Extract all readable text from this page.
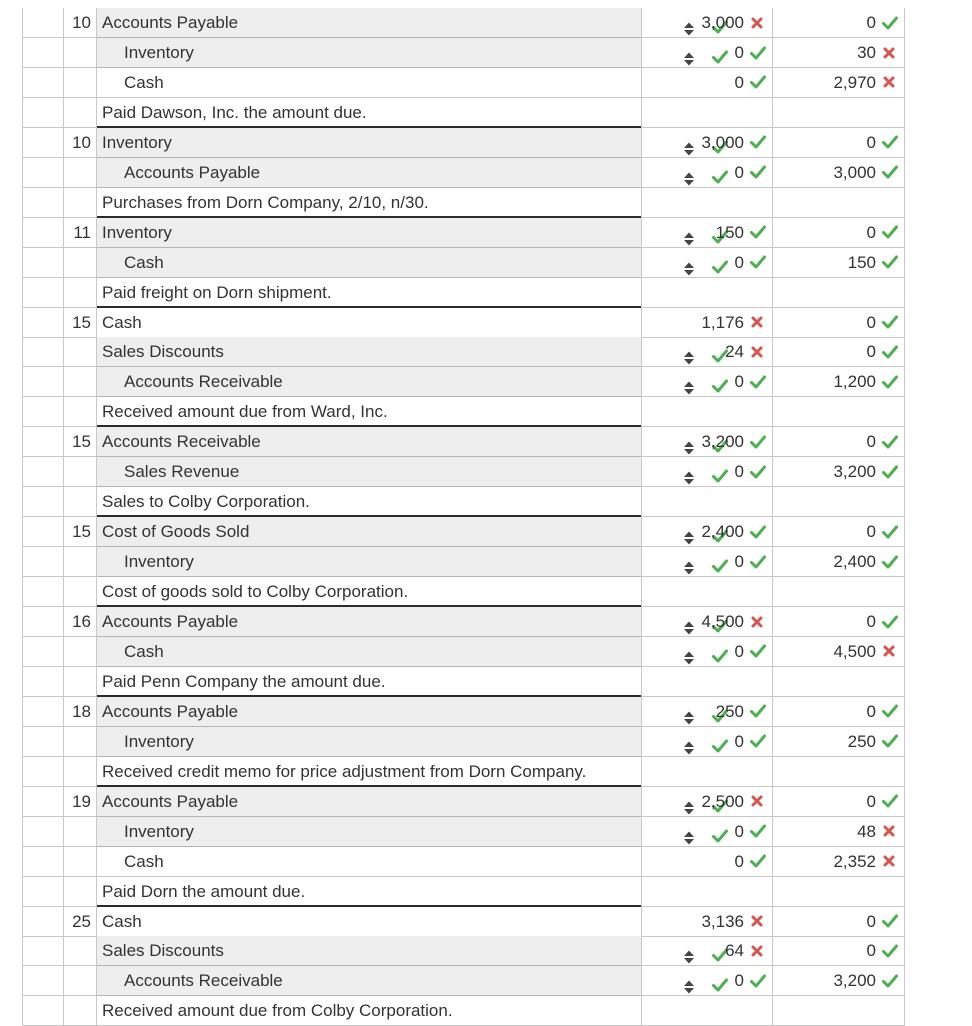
10 Accounts Payable	3,000	0
Inventory	0	30
Cash	0	2,970
Paid Dawson, Inc. the amount due.
10 Inventory	3,000	0
Accounts Payable	0	3,000
Purchases from Dorn Company, 2/10, n/30.
11 Inventory	150	0
Cash	0	150
Paid freight on Dorn shipment.
15 Cash	1,176	0
Sales Discounts	24	0
Accounts Receivable	0	1,200
Received amount due from Ward, Inc.
15 Accounts Receivable	3,200	0
Sales Revenue	0	3,200
Sales to Colby Corporation.
15 Cost of Goods Sold	2,400	0
Inventory	0	2,400
Cost of goods sold to Colby Corporation.
16 Accounts Payable	4,500	0
Cash	0	4,500
Paid Penn Company the amount due.
18 Accounts Payable	250	0
Inventory	0	250
Received credit memo for price adjustment from Dorn Company.
19 Accounts Payable	2,500	0
Inventory	0	48
Cash	0	2,352
Paid Dorn the amount due.
25 Cash	3,136	0
Sales Discounts	64	0
Accounts Receivable	0	3,200
Received amount due from Colby Corporation.
